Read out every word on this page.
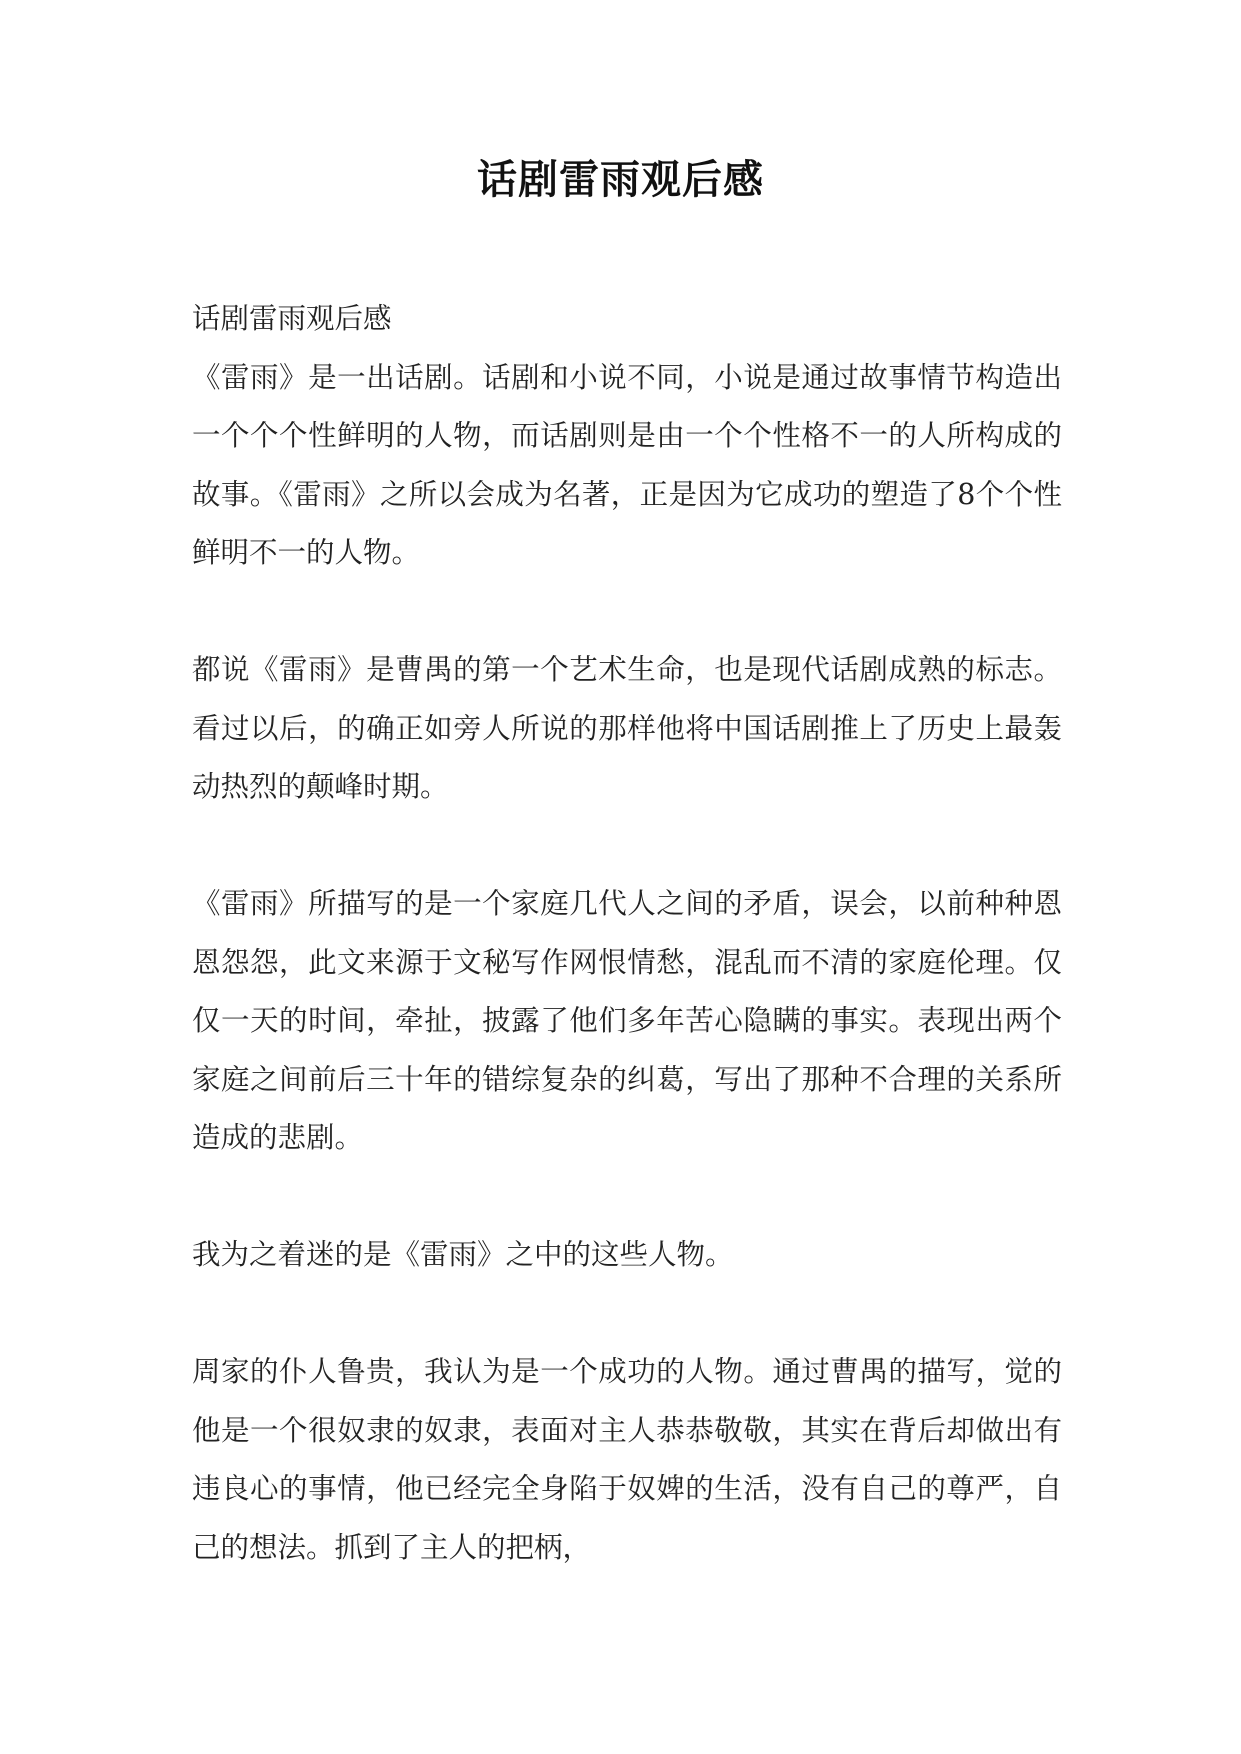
话剧雷雨观后感

话剧雷雨观后感

《雷雨》是一出话剧。话剧和小说不同，小说是通过故事情节构造出一个个个性鲜明的人物，而话剧则是由一个个性格不一的人所构成的故事。《雷雨》之所以会成为名著，正是因为它成功的塑造了8个个性鲜明不一的人物。

都说《雷雨》是曹禺的第一个艺术生命，也是现代话剧成熟的标志。看过以后，的确正如旁人所说的那样他将中国话剧推上了历史上最轰动热烈的颠峰时期。

《雷雨》所描写的是一个家庭几代人之间的矛盾，误会，以前种种恩恩怨怨，此文来源于文秘写作网恨情愁，混乱而不清的家庭伦理。仅仅一天的时间，牵扯，披露了他们多年苦心隐瞒的事实。表现出两个家庭之间前后三十年的错综复杂的纠葛，写出了那种不合理的关系所造成的悲剧。

我为之着迷的是《雷雨》之中的这些人物。

周家的仆人鲁贵，我认为是一个成功的人物。通过曹禺的描写，觉的他是一个很奴隶的奴隶，表面对主人恭恭敬敬，其实在背后却做出有违良心的事情，他已经完全身陷于奴婢的生活，没有自己的尊严，自己的想法。抓到了主人的把柄，
